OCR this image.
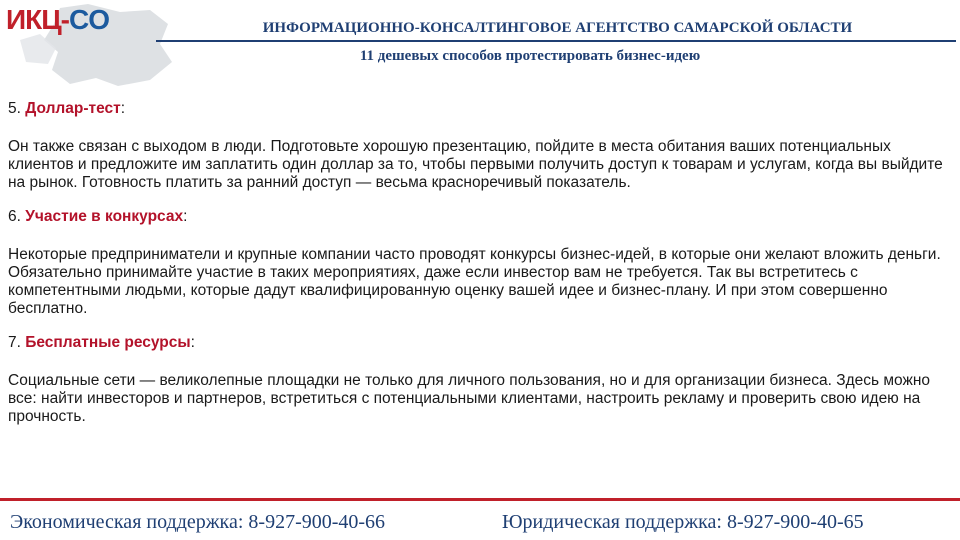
ИКЦ-CO	ИНФОРМАЦИОННО-КОНСАЛТИНГОВОЕ АГЕНТСТВО САМАРСКОЙ ОБЛАСТИ
11 дешевых способов протестировать бизнес-идею
5. Доллар-тест:
Он также связан с выходом в люди. Подготовьте хорошую презентацию, пойдите в места обитания ваших потенциальных клиентов и предложите им заплатить один доллар за то, чтобы первыми получить доступ к товарам и услугам, когда вы выйдите на рынок. Готовность платить за ранний доступ — весьма красноречивый показатель.
6. Участие в конкурсах:
Некоторые предприниматели и крупные компании часто проводят конкурсы бизнес-идей, в которые они желают вложить деньги. Обязательно принимайте участие в таких мероприятиях, даже если инвестор вам не требуется. Так вы встретитесь с компетентными людьми, которые дадут квалифицированную оценку вашей идее и бизнес-плану. И при этом совершенно бесплатно.
7. Бесплатные ресурсы:
Социальные сети — великолепные площадки не только для личного пользования, но и для организации бизнеса. Здесь можно все: найти инвесторов и партнеров, встретиться с потенциальными клиентами, настроить рекламу и проверить свою идею на прочность.
Экономическая поддержка: 8-927-900-40-66	Юридическая поддержка: 8-927-900-40-65
